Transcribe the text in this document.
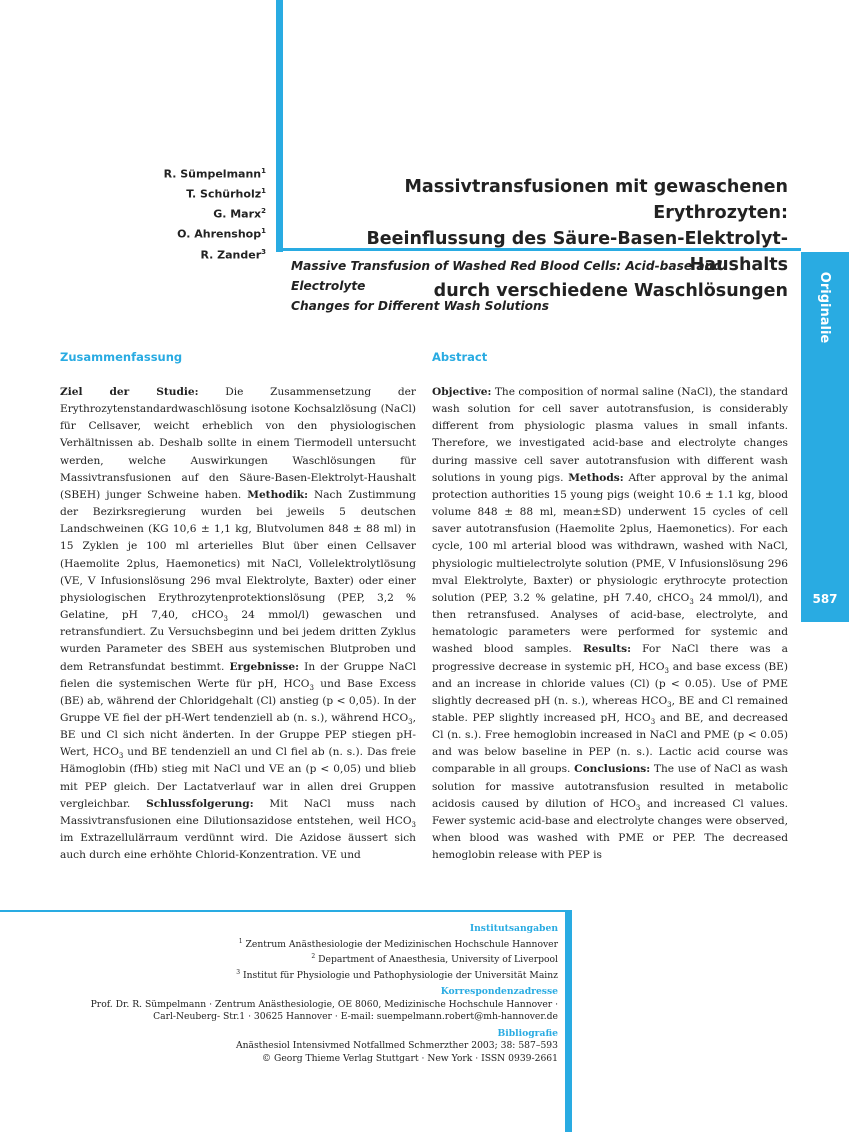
Originalie
587
R. Sümpelmann$^1$
T. Schürholz$^1$
G. Marx$^2$
O. Ahrenshop$^1$
R. Zander$^3$
Massivtransfusionen mit gewaschenen Erythrozyten:
Beeinflussung des Säure-Basen-Elektrolyt-Haushalts
durch verschiedene Waschlösungen
Massive Transfusion of Washed Red Blood Cells: Acid-base and Electrolyte
Changes for Different Wash Solutions
Zusammenfassung	Abstract
Ziel der Studie: Die Zusammensetzung der Erythrozytenstandardwaschlösung isotone Kochsalzlösung (NaCl) für Cellsaver, weicht erheblich von den physiologischen Verhältnissen ab. Deshalb sollte in einem Tiermodell untersucht werden, welche Auswirkungen Waschlösungen für Massivtransfusionen auf den Säure-Basen-Elektrolyt-Haushalt (SBEH) junger Schweine haben. Methodik: Nach Zustimmung der Bezirksregierung wurden bei jeweils 5 deutschen Landschweinen (KG 10,6 ± 1,1 kg, Blutvolumen 848 ± 88 ml) in 15 Zyklen je 100 ml arterielles Blut über einen Cellsaver (Haemolite 2plus, Haemonetics) mit NaCl, Vollelektrolytlösung (VE, V Infusionslösung 296 mval Elektrolyte, Baxter) oder einer physiologischen Erythrozytenprotektionslösung (PEP, 3,2 % Gelatine, pH 7,40, cHCO$_3$ 24 mmol/l) gewaschen und retransfundiert. Zu Versuchsbeginn und bei jedem dritten Zyklus wurden Parameter des SBEH aus systemischen Blutproben und dem Retransfundat bestimmt. Ergebnisse: In der Gruppe NaCl fielen die systemischen Werte für pH, $HCO_3$ und Base Excess (BE) ab, während der Chloridgehalt (Cl) anstieg (p < 0,05). In der Gruppe VE fiel der pH-Wert tendenziell ab (n. s.), während $HCO_3$, BE und Cl sich nicht änderten. In der Gruppe PEP stiegen pH-Wert, $HCO_3$ und BE tendenziell an und Cl fiel ab (n. s.). Das freie Hämoglobin (fHb) stieg mit NaCl und VE an (p < 0,05) und blieb mit PEP gleich. Der Lactatverlauf war in allen drei Gruppen vergleichbar. Schlussfolgerung: Mit NaCl muss nach Massivtransfusionen eine Dilutionsazidose entstehen, weil $HCO_3$ im Extrazellulärraum verdünnt wird. Die Azidose äussert sich auch durch eine erhöhte Chlorid-Konzentration. VE und
Objective: The composition of normal saline (NaCl), the standard wash solution for cell saver autotransfusion, is considerably different from physiologic plasma values in small infants. Therefore, we investigated acid-base and electrolyte changes during massive cell saver autotransfusion with different wash solutions in young pigs. Methods: After approval by the animal protection authorities 15 young pigs (weight 10.6 ± 1.1 kg, blood volume 848 ± 88 ml, mean±SD) underwent 15 cycles of cell saver autotransfusion (Haemolite 2plus, Haemonetics). For each cycle, 100 ml arterial blood was withdrawn, washed with NaCl, physiologic multielectrolyte solution (PME, V Infusionslösung 296 mval Elektrolyte, Baxter) or physiologic erythrocyte protection solution (PEP, 3.2 % gelatine, pH 7.40, cHCO$_3$ 24 mmol/l), and then retransfused. Analyses of acid-base, electrolyte, and hematologic parameters were performed for systemic and washed blood samples. Results: For NaCl there was a progressive decrease in systemic pH, $HCO_3$ and base excess (BE) and an increase in chloride values (Cl) (p < 0.05). Use of PME slightly decreased pH (n. s.), whereas $HCO_3$, BE and Cl remained stable. PEP slightly increased pH, $HCO_3$ and BE, and decreased Cl (n. s.). Free hemoglobin increased in NaCl and PME (p < 0.05) and was below baseline in PEP (n. s.). Lactic acid course was comparable in all groups. Conclusions: The use of NaCl as wash solution for massive autotransfusion resulted in metabolic acidosis caused by dilution of $HCO_3$ and increased Cl values. Fewer systemic acid-base and electrolyte changes were observed, when blood was washed with PME or PEP. The decreased hemoglobin release with PEP is
Institutsangaben
$^1$ Zentrum Anästhesiologie der Medizinischen Hochschule Hannover
$^2$ Department of Anaesthesia, University of Liverpool
$^3$ Institut für Physiologie und Pathophysiologie der Universität Mainz
Korrespondenzadresse
Prof. Dr. R. Sümpelmann · Zentrum Anästhesiologie, OE 8060, Medizinische Hochschule Hannover ·
Carl-Neuberg- Str.1 · 30625 Hannover · E-mail: suempelmann.robert@mh-hannover.de
Bibliografie
Anästhesiol Intensivmed Notfallmed Schmerzther 2003; 38: 587–593
© Georg Thieme Verlag Stuttgart · New York · ISSN 0939-2661
